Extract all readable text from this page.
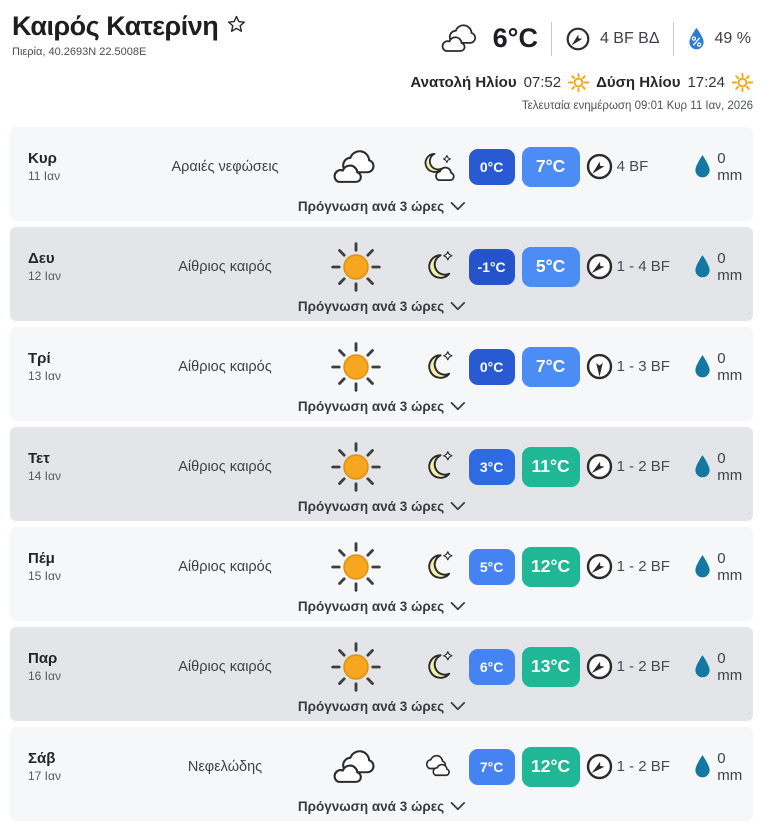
Καιρός Κατερίνη
Πιερία, 40.2693N 22.5008E	6°C	4 BF ΒΔ	49 %
Ανατολή Ηλίου 07:52 Δύση Ηλίου 17:24
Τελευταία ενημέρωση 09:01 Κυρ 11 Ιαν, 2026
Κυρ
11 Ιαν
Αραιές νεφώσεις	0°C	7°C	4 BF	0 mm
Πρόγνωση ανά 3 ώρες
Δευ
12 Ιαν
Αίθριος καιρός	-1°C	5°C	1 - 4 BF	0 mm
Πρόγνωση ανά 3 ώρες
Τρί
13 Ιαν
Αίθριος καιρός	0°C	7°C	1 - 3 BF	0 mm
Πρόγνωση ανά 3 ώρες
Τετ
14 Ιαν
Αίθριος καιρός	3°C	11°C	1 - 2 BF	0 mm
Πρόγνωση ανά 3 ώρες
Πέμ
15 Ιαν
Αίθριος καιρός	5°C	12°C	1 - 2 BF	0 mm
Πρόγνωση ανά 3 ώρες
Παρ
16 Ιαν
Αίθριος καιρός	6°C	13°C	1 - 2 BF	0 mm
Πρόγνωση ανά 3 ώρες
Σάβ
17 Ιαν
Νεφελώδης	7°C	12°C	1 - 2 BF	0 mm
Πρόγνωση ανά 3 ώρες
